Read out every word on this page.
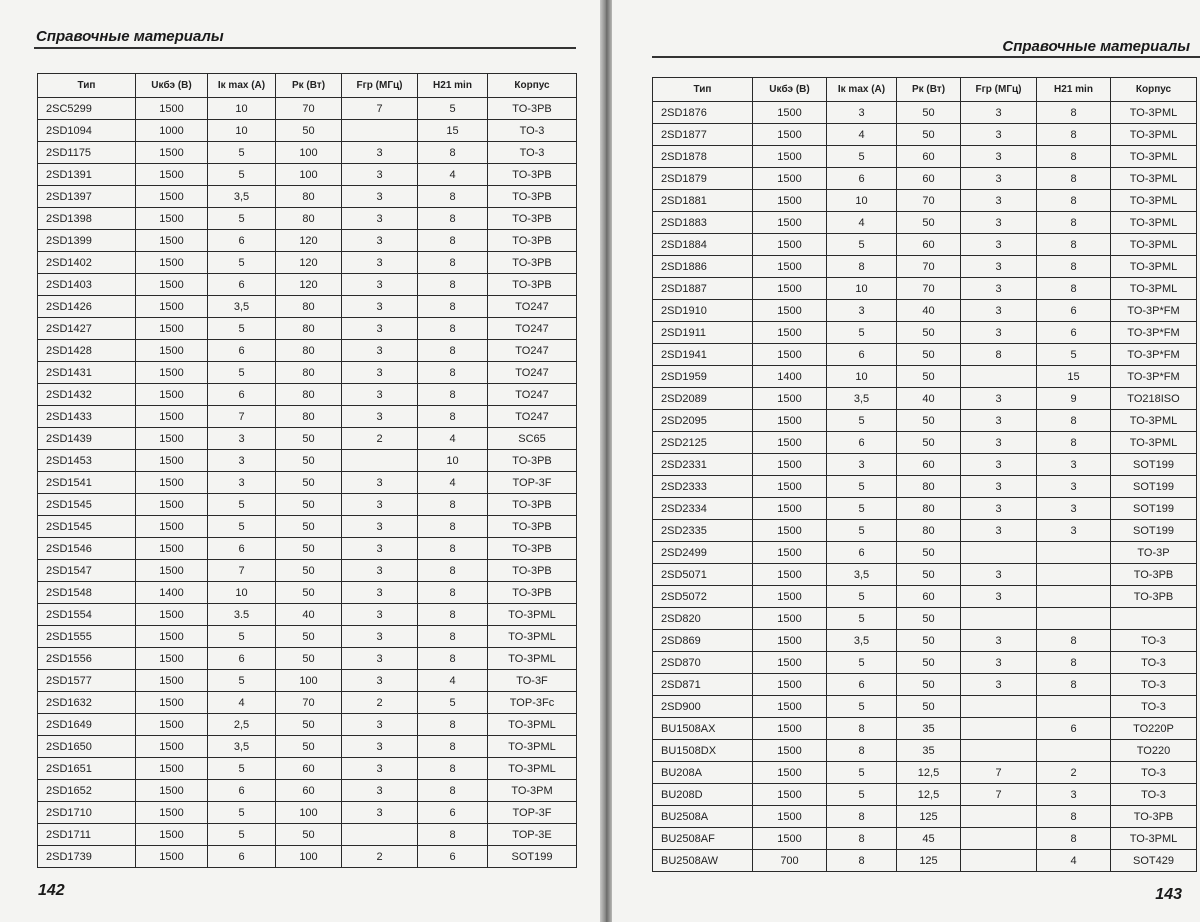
Справочные материалы
Тип	Uкбэ (В)	Iк max (A)	Pк (Вт)	Fгр (МГц)	H21 min	Корпус
2SC5299	1500	10	70	7	5	TO-3PB
2SD1094	1000	10	50		15	TO-3
2SD1175	1500	5	100	3	8	TO-3
2SD1391	1500	5	100	3	4	TO-3PB
2SD1397	1500	3,5	80	3	8	TO-3PB
2SD1398	1500	5	80	3	8	TO-3PB
2SD1399	1500	6	120	3	8	TO-3PB
2SD1402	1500	5	120	3	8	TO-3PB
2SD1403	1500	6	120	3	8	TO-3PB
2SD1426	1500	3,5	80	3	8	TO247
2SD1427	1500	5	80	3	8	TO247
2SD1428	1500	6	80	3	8	TO247
2SD1431	1500	5	80	3	8	TO247
2SD1432	1500	6	80	3	8	TO247
2SD1433	1500	7	80	3	8	TO247
2SD1439	1500	3	50	2	4	SC65
2SD1453	1500	3	50		10	TO-3PB
2SD1541	1500	3	50	3	4	TOP-3F
2SD1545	1500	5	50	3	8	TO-3PB
2SD1545	1500	5	50	3	8	TO-3PB
2SD1546	1500	6	50	3	8	TO-3PB
2SD1547	1500	7	50	3	8	TO-3PB
2SD1548	1400	10	50	3	8	TO-3PB
2SD1554	1500	3.5	40	3	8	TO-3PML
2SD1555	1500	5	50	3	8	TO-3PML
2SD1556	1500	6	50	3	8	TO-3PML
2SD1577	1500	5	100	3	4	TO-3F
2SD1632	1500	4	70	2	5	TOP-3Fc
2SD1649	1500	2,5	50	3	8	TO-3PML
2SD1650	1500	3,5	50	3	8	TO-3PML
2SD1651	1500	5	60	3	8	TO-3PML
2SD1652	1500	6	60	3	8	TO-3PM
2SD1710	1500	5	100	3	6	TOP-3F
2SD1711	1500	5	50		8	TOP-3E
2SD1739	1500	6	100	2	6	SOT199
142
Справочные материалы
Тип	Uкбэ (В)	Iк max (A)	Pк (Вт)	Fгр (МГц)	H21 min	Корпус
2SD1876	1500	3	50	3	8	TO-3PML
2SD1877	1500	4	50	3	8	TO-3PML
2SD1878	1500	5	60	3	8	TO-3PML
2SD1879	1500	6	60	3	8	TO-3PML
2SD1881	1500	10	70	3	8	TO-3PML
2SD1883	1500	4	50	3	8	TO-3PML
2SD1884	1500	5	60	3	8	TO-3PML
2SD1886	1500	8	70	3	8	TO-3PML
2SD1887	1500	10	70	3	8	TO-3PML
2SD1910	1500	3	40	3	6	TO-3P*FM
2SD1911	1500	5	50	3	6	TO-3P*FM
2SD1941	1500	6	50	8	5	TO-3P*FM
2SD1959	1400	10	50		15	TO-3P*FM
2SD2089	1500	3,5	40	3	9	TO218ISO
2SD2095	1500	5	50	3	8	TO-3PML
2SD2125	1500	6	50	3	8	TO-3PML
2SD2331	1500	3	60	3	3	SOT199
2SD2333	1500	5	80	3	3	SOT199
2SD2334	1500	5	80	3	3	SOT199
2SD2335	1500	5	80	3	3	SOT199
2SD2499	1500	6	50			TO-3P
2SD5071	1500	3,5	50	3		TO-3PB
2SD5072	1500	5	60	3		TO-3PB
2SD820	1500	5	50			
2SD869	1500	3,5	50	3	8	TO-3
2SD870	1500	5	50	3	8	TO-3
2SD871	1500	6	50	3	8	TO-3
2SD900	1500	5	50			TO-3
BU1508AX	1500	8	35		6	TO220P
BU1508DX	1500	8	35			TO220
BU208A	1500	5	12,5	7	2	TO-3
BU208D	1500	5	12,5	7	3	TO-3
BU2508A	1500	8	125		8	TO-3PB
BU2508AF	1500	8	45		8	TO-3PML
BU2508AW	700	8	125		4	SOT429
143
